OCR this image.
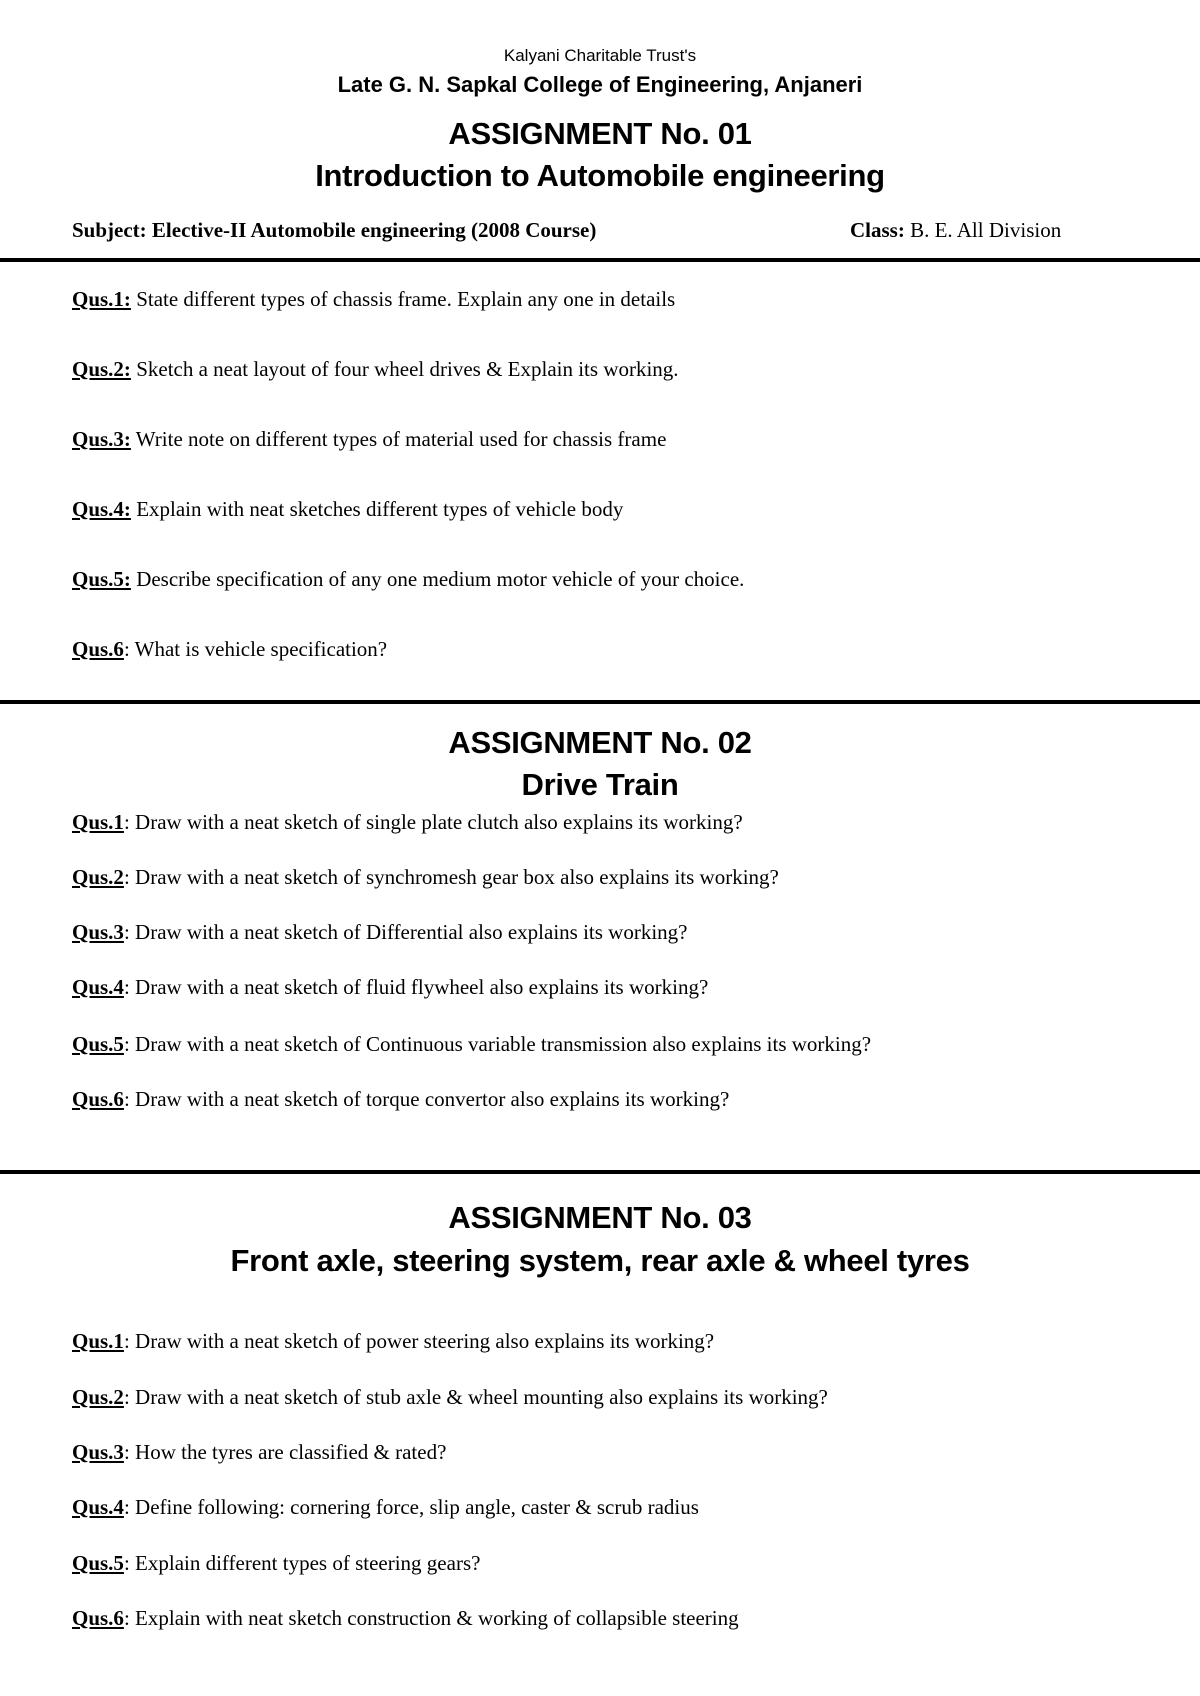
Kalyani Charitable Trust's
Late G. N. Sapkal College of Engineering, Anjaneri
ASSIGNMENT No. 01
Introduction to Automobile engineering
Subject: Elective-II Automobile engineering (2008 Course)	Class: B. E. All Division
Qus.1: State different types of chassis frame. Explain any one in details
Qus.2: Sketch a neat layout of four wheel drives & Explain its working.
Qus.3: Write note on different types of material used for chassis frame
Qus.4: Explain with neat sketches different types of vehicle body
Qus.5: Describe specification of any one medium motor vehicle of your choice.
Qus.6: What is vehicle specification?
ASSIGNMENT No. 02
Drive Train
Qus.1: Draw with a neat sketch of single plate clutch also explains its working?
Qus.2: Draw with a neat sketch of synchromesh gear box also explains its working?
Qus.3: Draw with a neat sketch of Differential also explains its working?
Qus.4: Draw with a neat sketch of fluid flywheel also explains its working?
Qus.5: Draw with a neat sketch of Continuous variable transmission also explains its working?
Qus.6: Draw with a neat sketch of torque convertor also explains its working?
ASSIGNMENT No. 03
Front axle, steering system, rear axle & wheel tyres
Qus.1: Draw with a neat sketch of power steering also explains its working?
Qus.2: Draw with a neat sketch of stub axle & wheel mounting also explains its working?
Qus.3: How the tyres are classified & rated?
Qus.4: Define following: cornering force, slip angle, caster & scrub radius
Qus.5: Explain different types of steering gears?
Qus.6: Explain with neat sketch construction & working of collapsible steering
